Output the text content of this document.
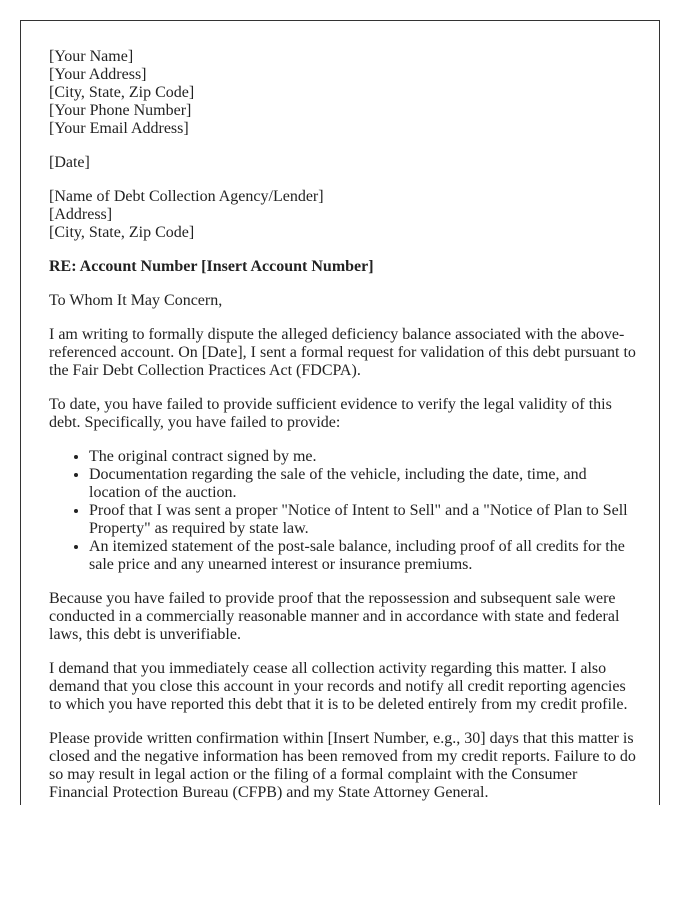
[Your Name]
[Your Address]
[City, State, Zip Code]
[Your Phone Number]
[Your Email Address]

[Date]

[Name of Debt Collection Agency/Lender]
[Address]
[City, State, Zip Code]

RE: Account Number [Insert Account Number]

To Whom It May Concern,

I am writing to formally dispute the alleged deficiency balance associated with the above-referenced account. On [Date], I sent a formal request for validation of this debt pursuant to the Fair Debt Collection Practices Act (FDCPA).

To date, you have failed to provide sufficient evidence to verify the legal validity of this debt. Specifically, you have failed to provide:

• The original contract signed by me.
• Documentation regarding the sale of the vehicle, including the date, time, and location of the auction.
• Proof that I was sent a proper "Notice of Intent to Sell" and a "Notice of Plan to Sell Property" as required by state law.
• An itemized statement of the post-sale balance, including proof of all credits for the sale price and any unearned interest or insurance premiums.

Because you have failed to provide proof that the repossession and subsequent sale were conducted in a commercially reasonable manner and in accordance with state and federal laws, this debt is unverifiable.

I demand that you immediately cease all collection activity regarding this matter. I also demand that you close this account in your records and notify all credit reporting agencies to which you have reported this debt that it is to be deleted entirely from my credit profile.

Please provide written confirmation within [Insert Number, e.g., 30] days that this matter is closed and the negative information has been removed from my credit reports. Failure to do so may result in legal action or the filing of a formal complaint with the Consumer Financial Protection Bureau (CFPB) and my State Attorney General.
